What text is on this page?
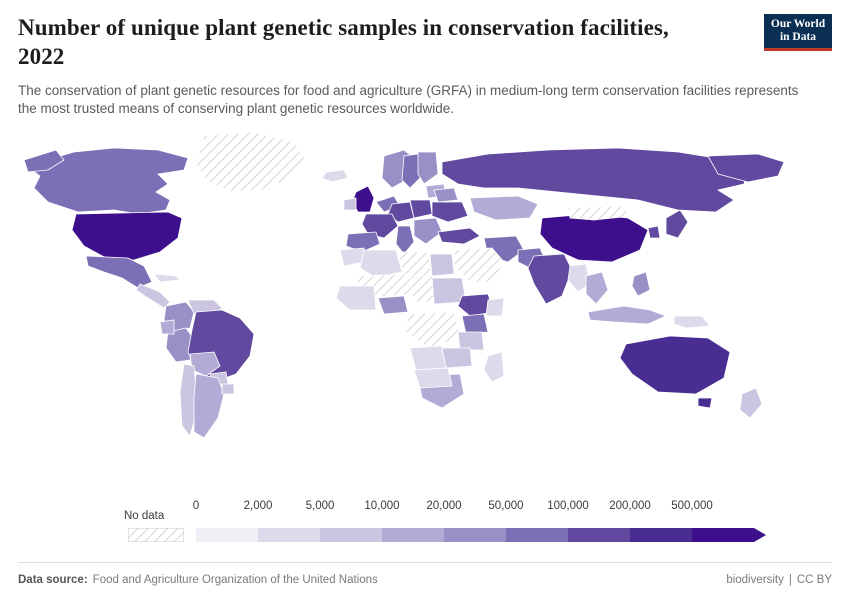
Number of unique plant genetic samples in conservation facilities, 2022
The conservation of plant genetic resources for food and agriculture (GRFA) in medium-long term conservation facilities represents the most trusted means of conserving plant genetic resources worldwide.
Our World
in Data
No data
0	2,000	5,000	10,000 20,000 50,000 100,000 200,000 500,000
Data source: Food and Agriculture Organization of the United Nations	biodiversity | CC BY
